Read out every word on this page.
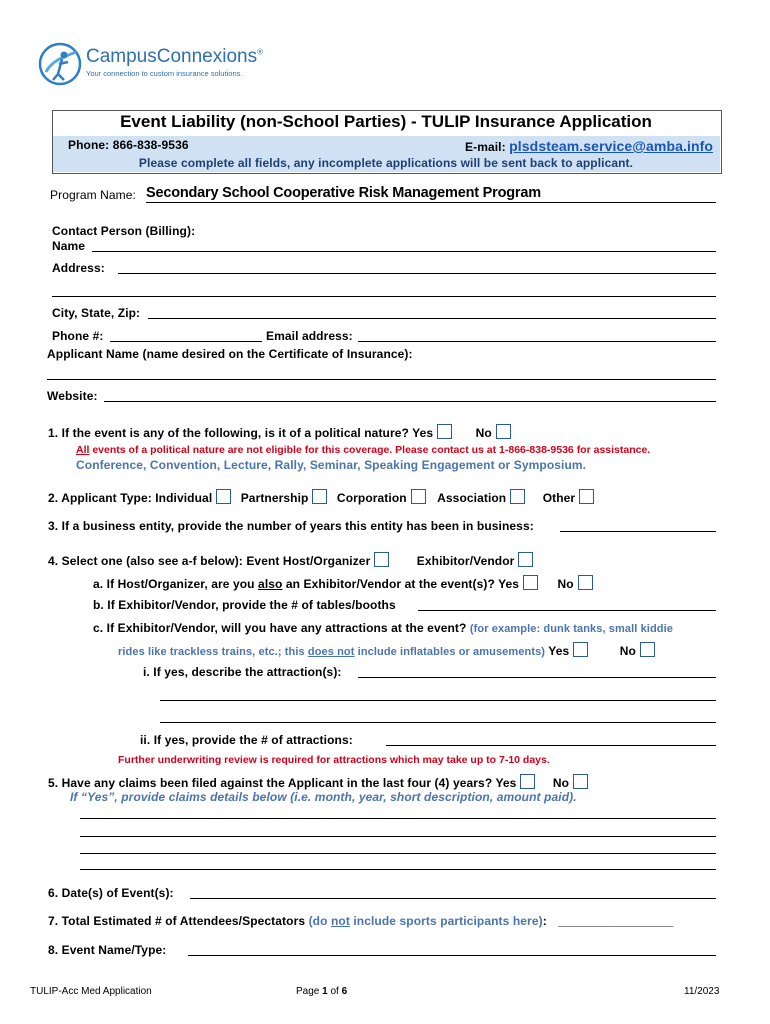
CampusConnexions®
Your connection to custom insurance solutions.
Event Liability (non-School Parties) - TULIP Insurance Application
Phone: 866-838-9536	E-mail: plsdsteam.service@amba.info
Please complete all fields, any incomplete applications will be sent back to applicant.
Program Name: Secondary School Cooperative Risk Management Program
Contact Person (Billing):
Name
Address:
City, State, Zip:
Phone #:	Email address:
Applicant Name (name desired on the Certificate of Insurance):
Website:
1. If the event is any of the following, is it of a political nature? Yes	No
All events of a political nature are not eligible for this coverage. Please contact us at 1-866-838-9536 for assistance.
Conference, Convention, Lecture, Rally, Seminar, Speaking Engagement or Symposium.
2. Applicant Type: Individual Partnership Corporation	Association	Other
3. If a business entity, provide the number of years this entity has been in business:
4. Select one (also see a-f below): Event Host/Organizer	Exhibitor/Vendor
a. If Host/Organizer, are you also an Exhibitor/Vendor at the event(s)? Yes	No
b. If Exhibitor/Vendor, provide the # of tables/booths
c. If Exhibitor/Vendor, will you have any attractions at the event? (for example: dunk tanks, small kiddie
rides like trackless trains, etc.; this does not include inflatables or amusements) Yes	No
i. If yes, describe the attraction(s):
ii. If yes, provide the # of attractions:
Further underwriting review is required for attractions which may take up to 7-10 days.
5. Have any claims been filed against the Applicant in the last four (4) years? Yes	No
If “Yes”, provide claims details below (i.e. month, year, short description, amount paid).
6. Date(s) of Event(s):
7. Total Estimated # of Attendees/Spectators (do not include sports participants here): _________________
8. Event Name/Type:
TULIP-Acc Med Application	Page 1 of 6	11/2023
